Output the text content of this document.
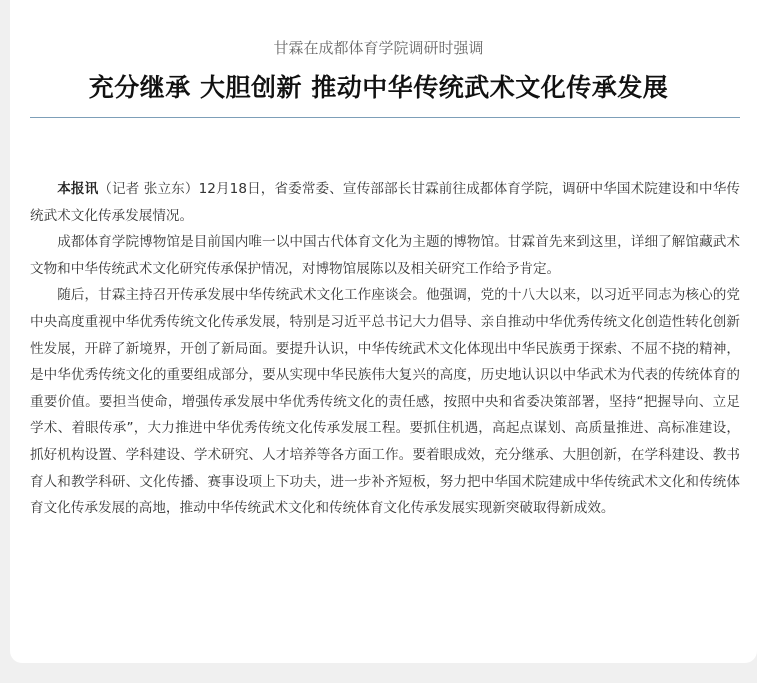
甘霖在成都体育学院调研时强调
充分继承 大胆创新 推动中华传统武术文化传承发展

本报讯（记者 张立东）12月18日，省委常委、宣传部部长甘霖前往成都体育学院，调研中华国术院建设和中华传统武术文化传承发展情况。

成都体育学院博物馆是目前国内唯一以中国古代体育文化为主题的博物馆。甘霖首先来到这里，详细了解馆藏武术文物和中华传统武术文化研究传承保护情况，对博物馆展陈以及相关研究工作给予肯定。

随后，甘霖主持召开传承发展中华传统武术文化工作座谈会。他强调，党的十八大以来，以习近平同志为核心的党中央高度重视中华优秀传统文化传承发展，特别是习近平总书记大力倡导、亲自推动中华优秀传统文化创造性转化创新性发展，开辟了新境界，开创了新局面。要提升认识，中华传统武术文化体现出中华民族勇于探索、不屈不挠的精神，是中华优秀传统文化的重要组成部分，要从实现中华民族伟大复兴的高度，历史地认识以中华武术为代表的传统体育的重要价值。要担当使命，增强传承发展中华优秀传统文化的责任感，按照中央和省委决策部署，坚持“把握导向、立足学术、着眼传承”，大力推进中华优秀传统文化传承发展工程。要抓住机遇，高起点谋划、高质量推进、高标准建设，抓好机构设置、学科建设、学术研究、人才培养等各方面工作。要着眼成效，充分继承、大胆创新，在学科建设、教书育人和教学科研、文化传播、赛事设项上下功夫，进一步补齐短板，努力把中华国术院建成中华传统武术文化和传统体育文化传承发展的高地，推动中华传统武术文化和传统体育文化传承发展实现新突破取得新成效。
